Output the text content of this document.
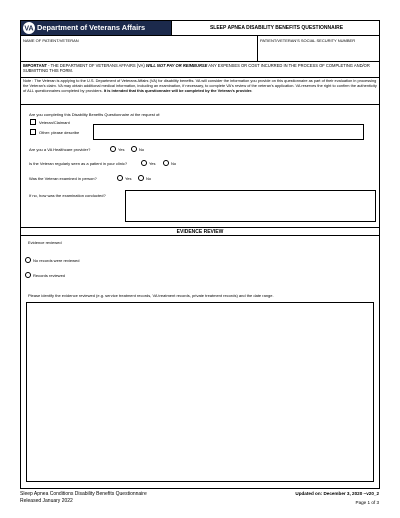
VA Department of Veterans Affairs	SLEEP APNEA DISABILITY BENEFITS QUESTIONNAIRE
NAME OF PATIENT/VETERAN	PATIENT/VETERAN'S SOCIAL SECURITY NUMBER
IMPORTANT - THE DEPARTMENT OF VETERANS AFFAIRS (VA) WILL NOT PAY OR REIMBURSE ANY EXPENSES OR COST INCURRED IN THE PROCESS OF COMPLETING AND/OR SUBMITTING THIS FORM.
Note : The Veteran is applying to the U.S. Department of Veterans Affairs (VA) for disability benefits. VA will consider the information you provide on this questionnaire as part of their evaluation in processing the Veteran's claim. VA may obtain additional medical information, including an examination, if necessary, to complete VA's review of the veteran's application. VA reserves the right to confirm the authenticity of ALL questionnaires completed by providers. It is intended that this questionnaire will be completed by the Veteran's provider.
Are you completing this Disability Benefits Questionnaire at the request of:
Veteran/Claimant
Other: please describe
Are you a VA Healthcare provider?	Yes	No
Is the Veteran regularly seen as a patient in your clinic?	Yes	No
Was the Veteran examined in person?	Yes	No
If no, how was the examination conducted?
EVIDENCE REVIEW
Evidence reviewed
No records were reviewed
Records reviewed
Please identify the evidence reviewed (e.g. service treatment records, VA treatment records, private treatment records) and the date range.
Sleep Apnea Conditions Disability Benefits Questionnaire
Released January 2022
Updated on: December 3, 2020 ~v20_2
Page 1 of 3
